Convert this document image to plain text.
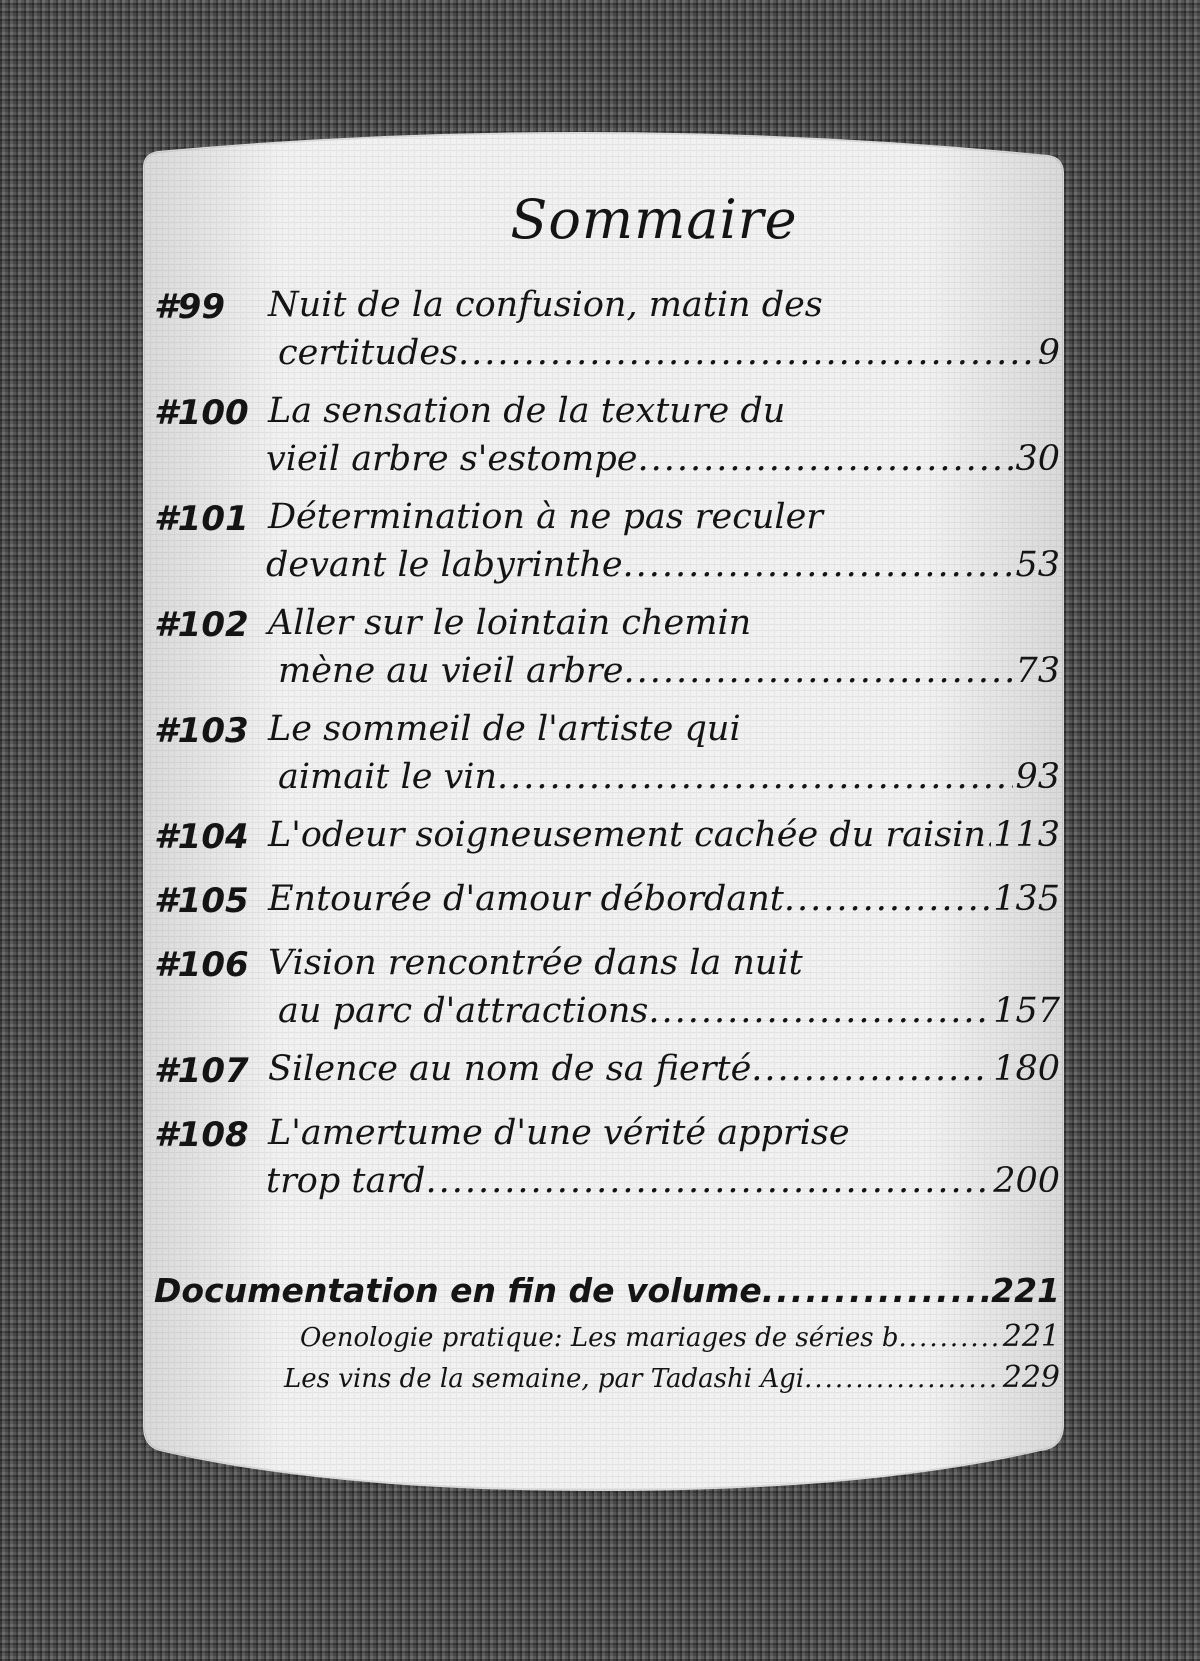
Sommaire
#99 Nuit de la confusion, matin des
certitudes .....	9
#100 La sensation de la texture du
vieil arbre s'estompe .....	30
#101 Détermination à ne pas reculer
devant le labyrinthe .....	53
#102 Aller sur le lointain chemin
mène au vieil arbre .....	73
#103 Le sommeil de l'artiste qui
aimait le vin .....	93
#104 L'odeur soigneusement cachée du raisin ..... 113
#105 Entourée d'amour débordant .....	135
#106 Vision rencontrée dans la nuit
au parc d'attractions .....	157
#107 Silence au nom de sa fierté .....	180
#108 L'amertume d'une vérité apprise
trop tard .....	200
Documentation en fin de volume .....	221
Oenologie pratique: Les mariages de séries b .....	221
Les vins de la semaine, par Tadashi Agi .....	229
